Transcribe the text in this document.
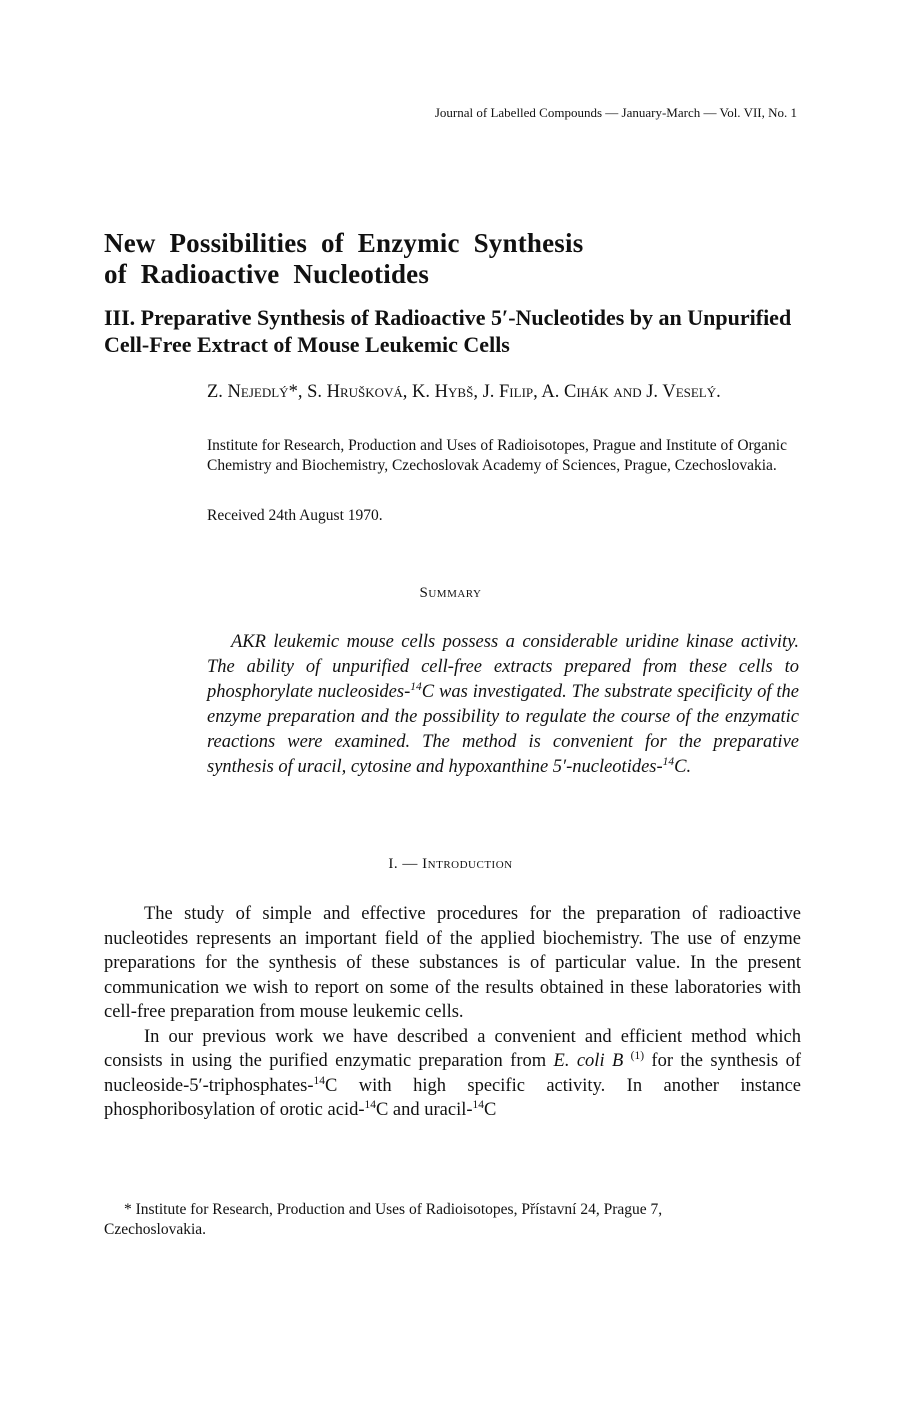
Journal of Labelled Compounds — January-March — Vol. VII, No. 1
New  Possibilities  of  Enzymic  Synthesis
of  Radioactive  Nucleotides
III. Preparative Synthesis of Radioactive 5′-Nucleotides by an Unpurified Cell-Free Extract of Mouse Leukemic Cells
Z. Nejedlý*, S. Hrušková, K. Hybš, J. Filip, A. Cihák and J. Veselý.
Institute for Research, Production and Uses of Radioisotopes, Prague and Institute of Organic Chemistry and Biochemistry, Czechoslovak Academy of Sciences, Prague, Czechoslovakia.
Received 24th August 1970.
Summary
AKR leukemic mouse cells possess a considerable uridine kinase activity. The ability of unpurified cell-free extracts prepared from these cells to phosphorylate nucleosides-$^{14}$C was investigated. The substrate specificity of the enzyme preparation and the possibility to regulate the course of the enzymatic reactions were examined. The method is convenient for the preparative synthesis of uracil, cytosine and hypoxanthine 5′-nucleotides-$^{14}$C.
I. — Introduction

The study of simple and effective procedures for the preparation of radioactive nucleotides represents an important field of the applied biochemistry. The use of enzyme preparations for the synthesis of these substances is of particular value. In the present communication we wish to report on some of the results obtained in these laboratories with cell-free preparation from mouse leukemic cells.

In our previous work we have described a convenient and efficient method which consists in using the purified enzymatic preparation from E. coli B $^{(1)}$ for the synthesis of nucleoside-5′-triphosphates-$^{14}$C with high specific activity. In another instance phosphoribosylation of orotic acid-$^{14}$C and uracil-$^{14}$C

* Institute for Research, Production and Uses of Radioisotopes, Přístavní 24, Prague 7,

Czechoslovakia.
